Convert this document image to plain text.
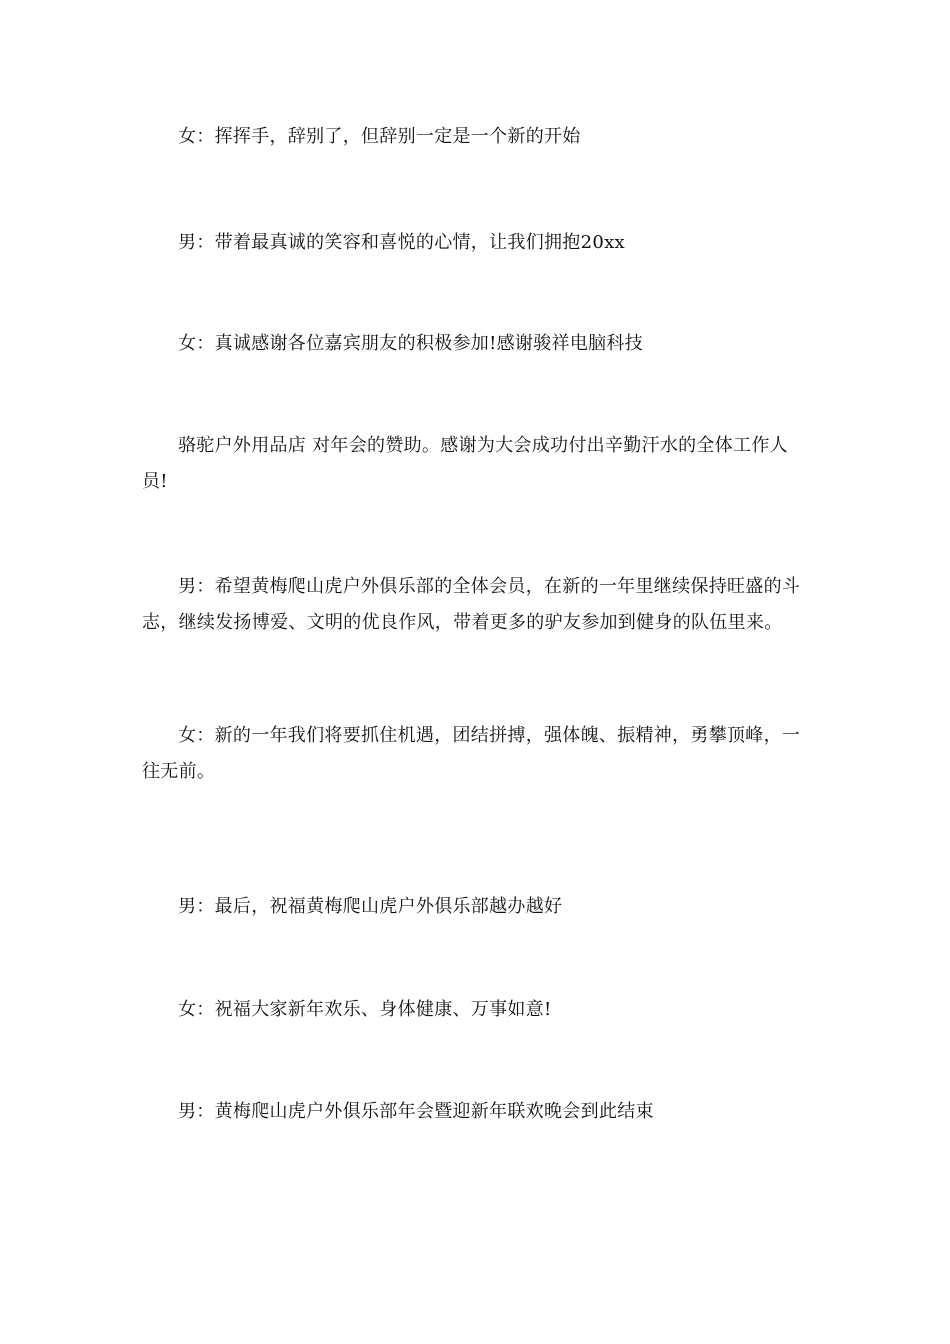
女：挥挥手，辞别了，但辞别一定是一个新的开始

男：带着最真诚的笑容和喜悦的心情，让我们拥抱20xx

女：真诚感谢各位嘉宾朋友的积极参加!感谢骏祥电脑科技

骆驼户外用品店 对年会的赞助。感谢为大会成功付出辛勤汗水的全体工作人员!

男：希望黄梅爬山虎户外俱乐部的全体会员，在新的一年里继续保持旺盛的斗志，继续发扬博爱、文明的优良作风，带着更多的驴友参加到健身的队伍里来。

女：新的一年我们将要抓住机遇，团结拼搏，强体魄、振精神，勇攀顶峰，一往无前。

男：最后，祝福黄梅爬山虎户外俱乐部越办越好

女：祝福大家新年欢乐、身体健康、万事如意!

男：黄梅爬山虎户外俱乐部年会暨迎新年联欢晚会到此结束
